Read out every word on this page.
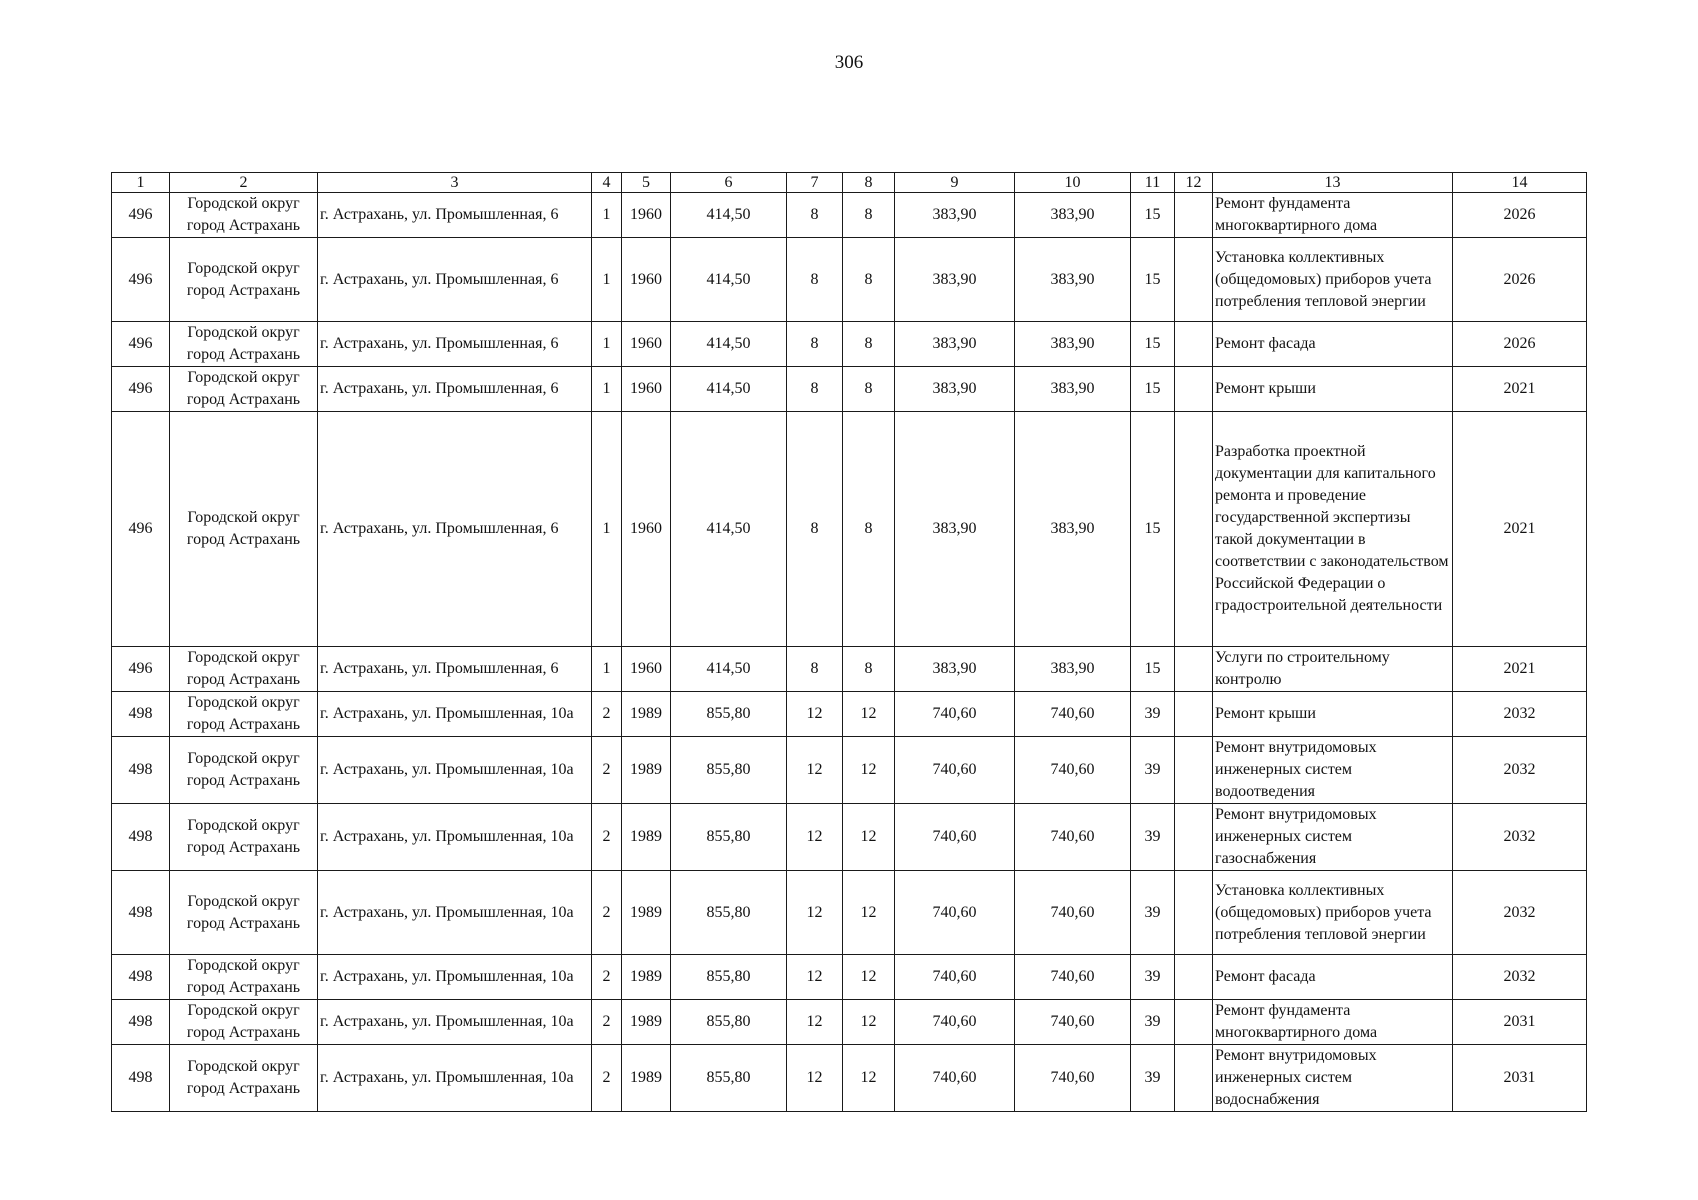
306
1	2	3	4	5	6	7	8	9	10	11	12	13	14
496	Городской округ город Астрахань	г. Астрахань, ул. Промышленная, 6	1	1960	414,50	8	8	383,90	383,90	15		Ремонт фундамента многоквартирного дома	2026
496	Городской округ город Астрахань	г. Астрахань, ул. Промышленная, 6	1	1960	414,50	8	8	383,90	383,90	15		Установка коллективных (общедомовых) приборов учета потребления тепловой энергии	2026
496	Городской округ город Астрахань	г. Астрахань, ул. Промышленная, 6	1	1960	414,50	8	8	383,90	383,90	15		Ремонт фасада	2026
496	Городской округ город Астрахань	г. Астрахань, ул. Промышленная, 6	1	1960	414,50	8	8	383,90	383,90	15		Ремонт крыши	2021
496	Городской округ город Астрахань	г. Астрахань, ул. Промышленная, 6	1	1960	414,50	8	8	383,90	383,90	15		Разработка проектной документации для капитального ремонта и проведение государственной экспертизы такой документации в соответствии с законодательством Российской Федерации о градостроительной деятельности	2021
496	Городской округ город Астрахань	г. Астрахань, ул. Промышленная, 6	1	1960	414,50	8	8	383,90	383,90	15		Услуги по строительному контролю	2021
498	Городской округ город Астрахань	г. Астрахань, ул. Промышленная, 10а	2	1989	855,80	12	12	740,60	740,60	39		Ремонт крыши	2032
498	Городской округ город Астрахань	г. Астрахань, ул. Промышленная, 10а	2	1989	855,80	12	12	740,60	740,60	39		Ремонт внутридомовых инженерных систем водоотведения	2032
498	Городской округ город Астрахань	г. Астрахань, ул. Промышленная, 10а	2	1989	855,80	12	12	740,60	740,60	39		Ремонт внутридомовых инженерных систем газоснабжения	2032
498	Городской округ город Астрахань	г. Астрахань, ул. Промышленная, 10а	2	1989	855,80	12	12	740,60	740,60	39		Установка коллективных (общедомовых) приборов учета потребления тепловой энергии	2032
498	Городской округ город Астрахань	г. Астрахань, ул. Промышленная, 10а	2	1989	855,80	12	12	740,60	740,60	39		Ремонт фасада	2032
498	Городской округ город Астрахань	г. Астрахань, ул. Промышленная, 10а	2	1989	855,80	12	12	740,60	740,60	39		Ремонт фундамента многоквартирного дома	2031
498	Городской округ город Астрахань	г. Астрахань, ул. Промышленная, 10а	2	1989	855,80	12	12	740,60	740,60	39		Ремонт внутридомовых инженерных систем водоснабжения	2031
